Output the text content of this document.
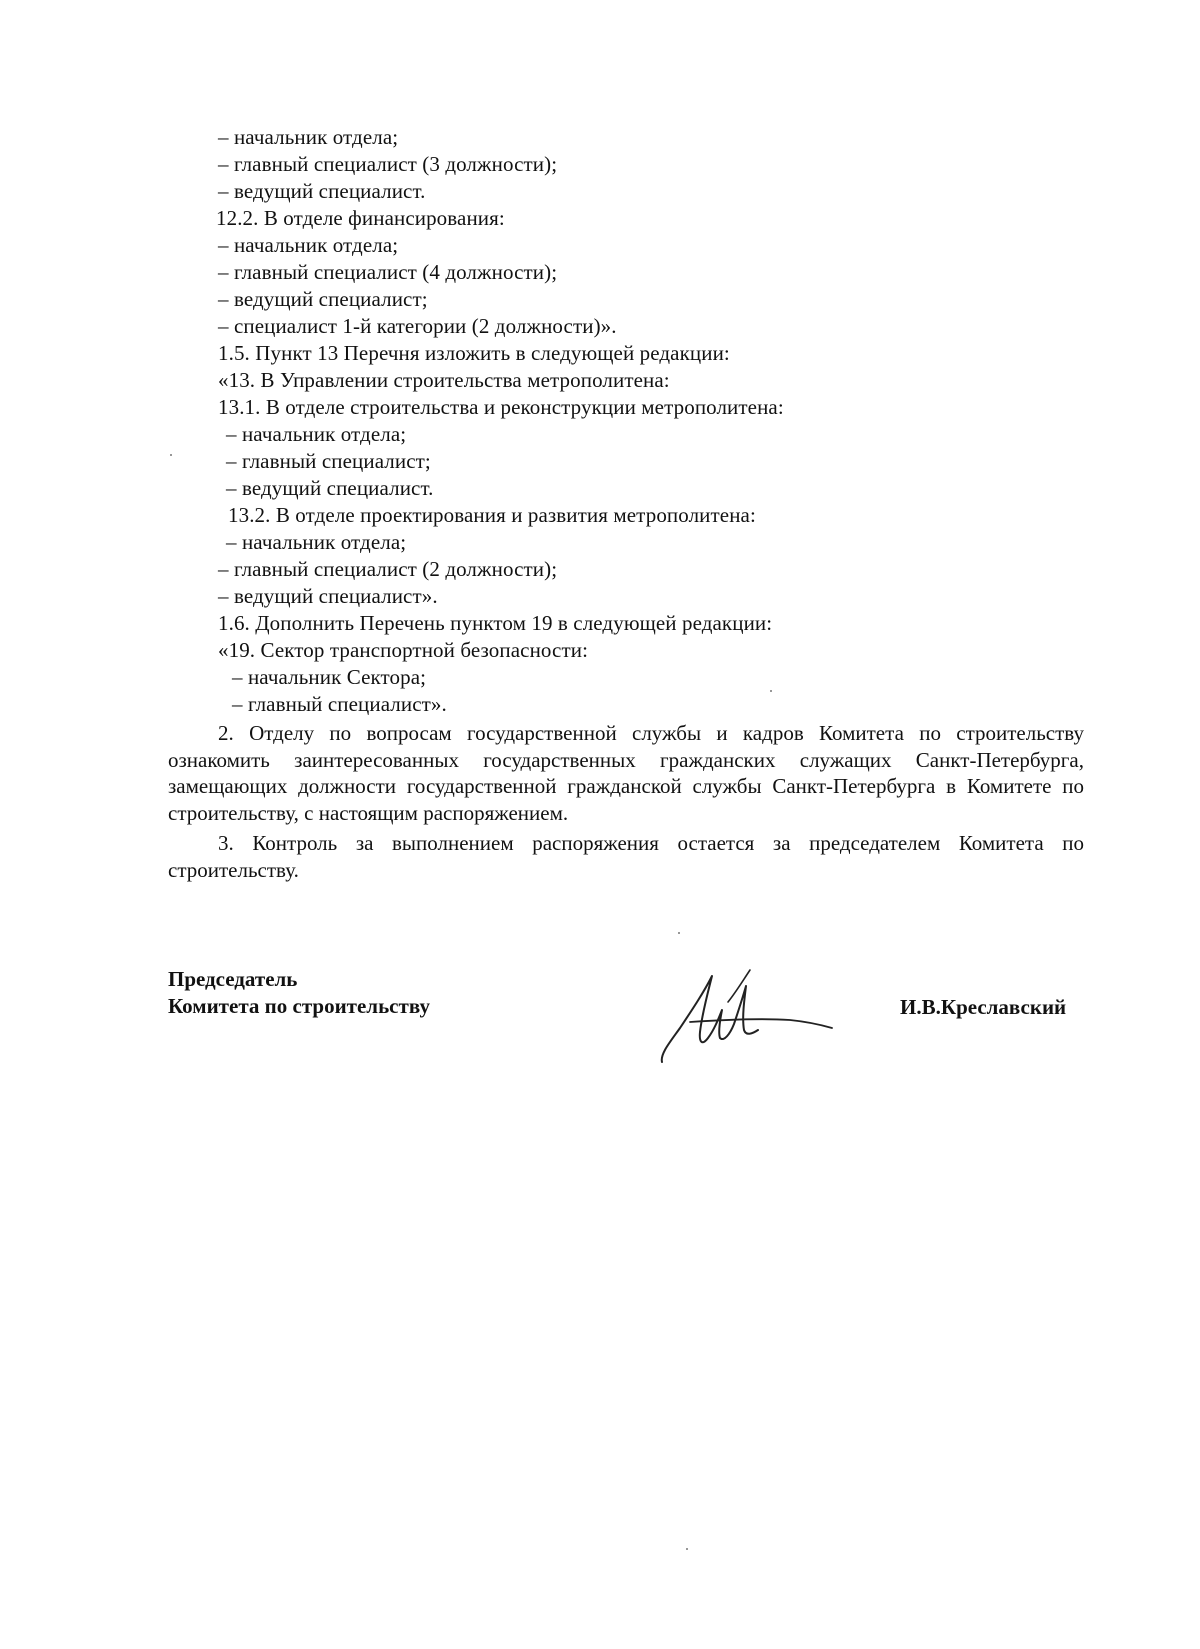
– начальник отдела;
– главный специалист (3 должности);
– ведущий специалист.
12.2. В отделе финансирования:
– начальник отдела;
– главный специалист (4 должности);
– ведущий специалист;
– специалист 1-й категории (2 должности)».
1.5. Пункт 13 Перечня изложить в следующей редакции:
«13. В Управлении строительства метрополитена:
13.1. В отделе строительства и реконструкции метрополитена:
– начальник отдела;
– главный специалист;
– ведущий специалист.
13.2. В отделе проектирования и развития метрополитена:
– начальник отдела;
– главный специалист (2 должности);
– ведущий специалист».
1.6. Дополнить Перечень пунктом 19 в следующей редакции:
«19. Сектор транспортной безопасности:
– начальник Сектора;
– главный специалист».
2. Отделу по вопросам государственной службы и кадров Комитета по строительству ознакомить заинтересованных государственных гражданских служащих Санкт-Петербурга, замещающих должности государственной гражданской службы Санкт-Петербурга в Комитете по строительству, с настоящим распоряжением.
3. Контроль за выполнением распоряжения остается за председателем Комитета по строительству.
Председатель
Комитета по строительству	И.В.Креславский
